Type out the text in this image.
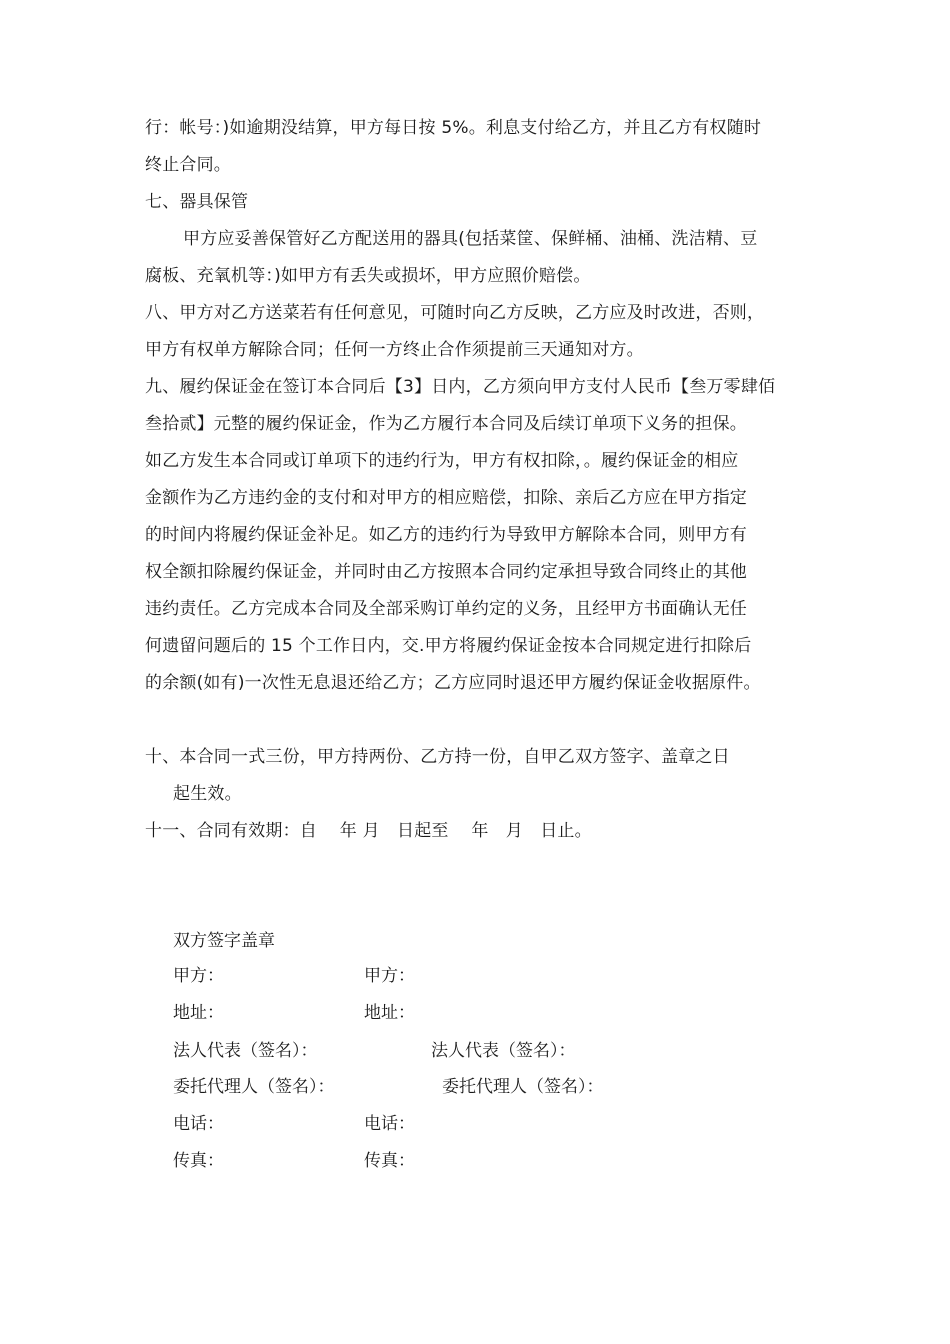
行：帐号：)如逾期没结算，甲方每日按 5%。利息支付给乙方，并且乙方有权随时
终止合同。
七、器具保管
甲方应妥善保管好乙方配送用的器具(包括菜筐、保鲜桶、油桶、洗洁精、豆
腐板、充氧机等：)如甲方有丢失或损坏，甲方应照价赔偿。
八、甲方对乙方送菜若有任何意见，可随时向乙方反映，乙方应及时改进，否则，
甲方有权单方解除合同；任何一方终止合作须提前三天通知对方。
九、履约保证金在签订本合同后【3】日内，乙方须向甲方支付人民币【叁万零肆佰
叁拾贰】元整的履约保证金，作为乙方履行本合同及后续订单项下义务的担保。
如乙方发生本合同或订单项下的违约行为，甲方有权扣除，。履约保证金的相应
金额作为乙方违约金的支付和对甲方的相应赔偿，扣除、亲后乙方应在甲方指定
的时间内将履约保证金补足。如乙方的违约行为导致甲方解除本合同，则甲方有
权全额扣除履约保证金，并同时由乙方按照本合同约定承担导致合同终止的其他
违约责任。乙方完成本合同及全部采购订单约定的义务，且经甲方书面确认无任
何遗留问题后的 15 个工作日内，交.甲方将履约保证金按本合同规定进行扣除后
的余额(如有)一次性无息退还给乙方；乙方应同时退还甲方履约保证金收据原件。
十、本合同一式三份，甲方持两份、乙方持一份，自甲乙双方签字、盖章之日
起生效。
十一、合同有效期：自　 年 月　日起至　 年　月　日止。
双方签字盖章
甲方：	甲方：
地址：	地址：
法人代表（签名）：	法人代表（签名）：
委托代理人（签名）：	委托代理人（签名）：
电话：	电话：
传真：	传真：
